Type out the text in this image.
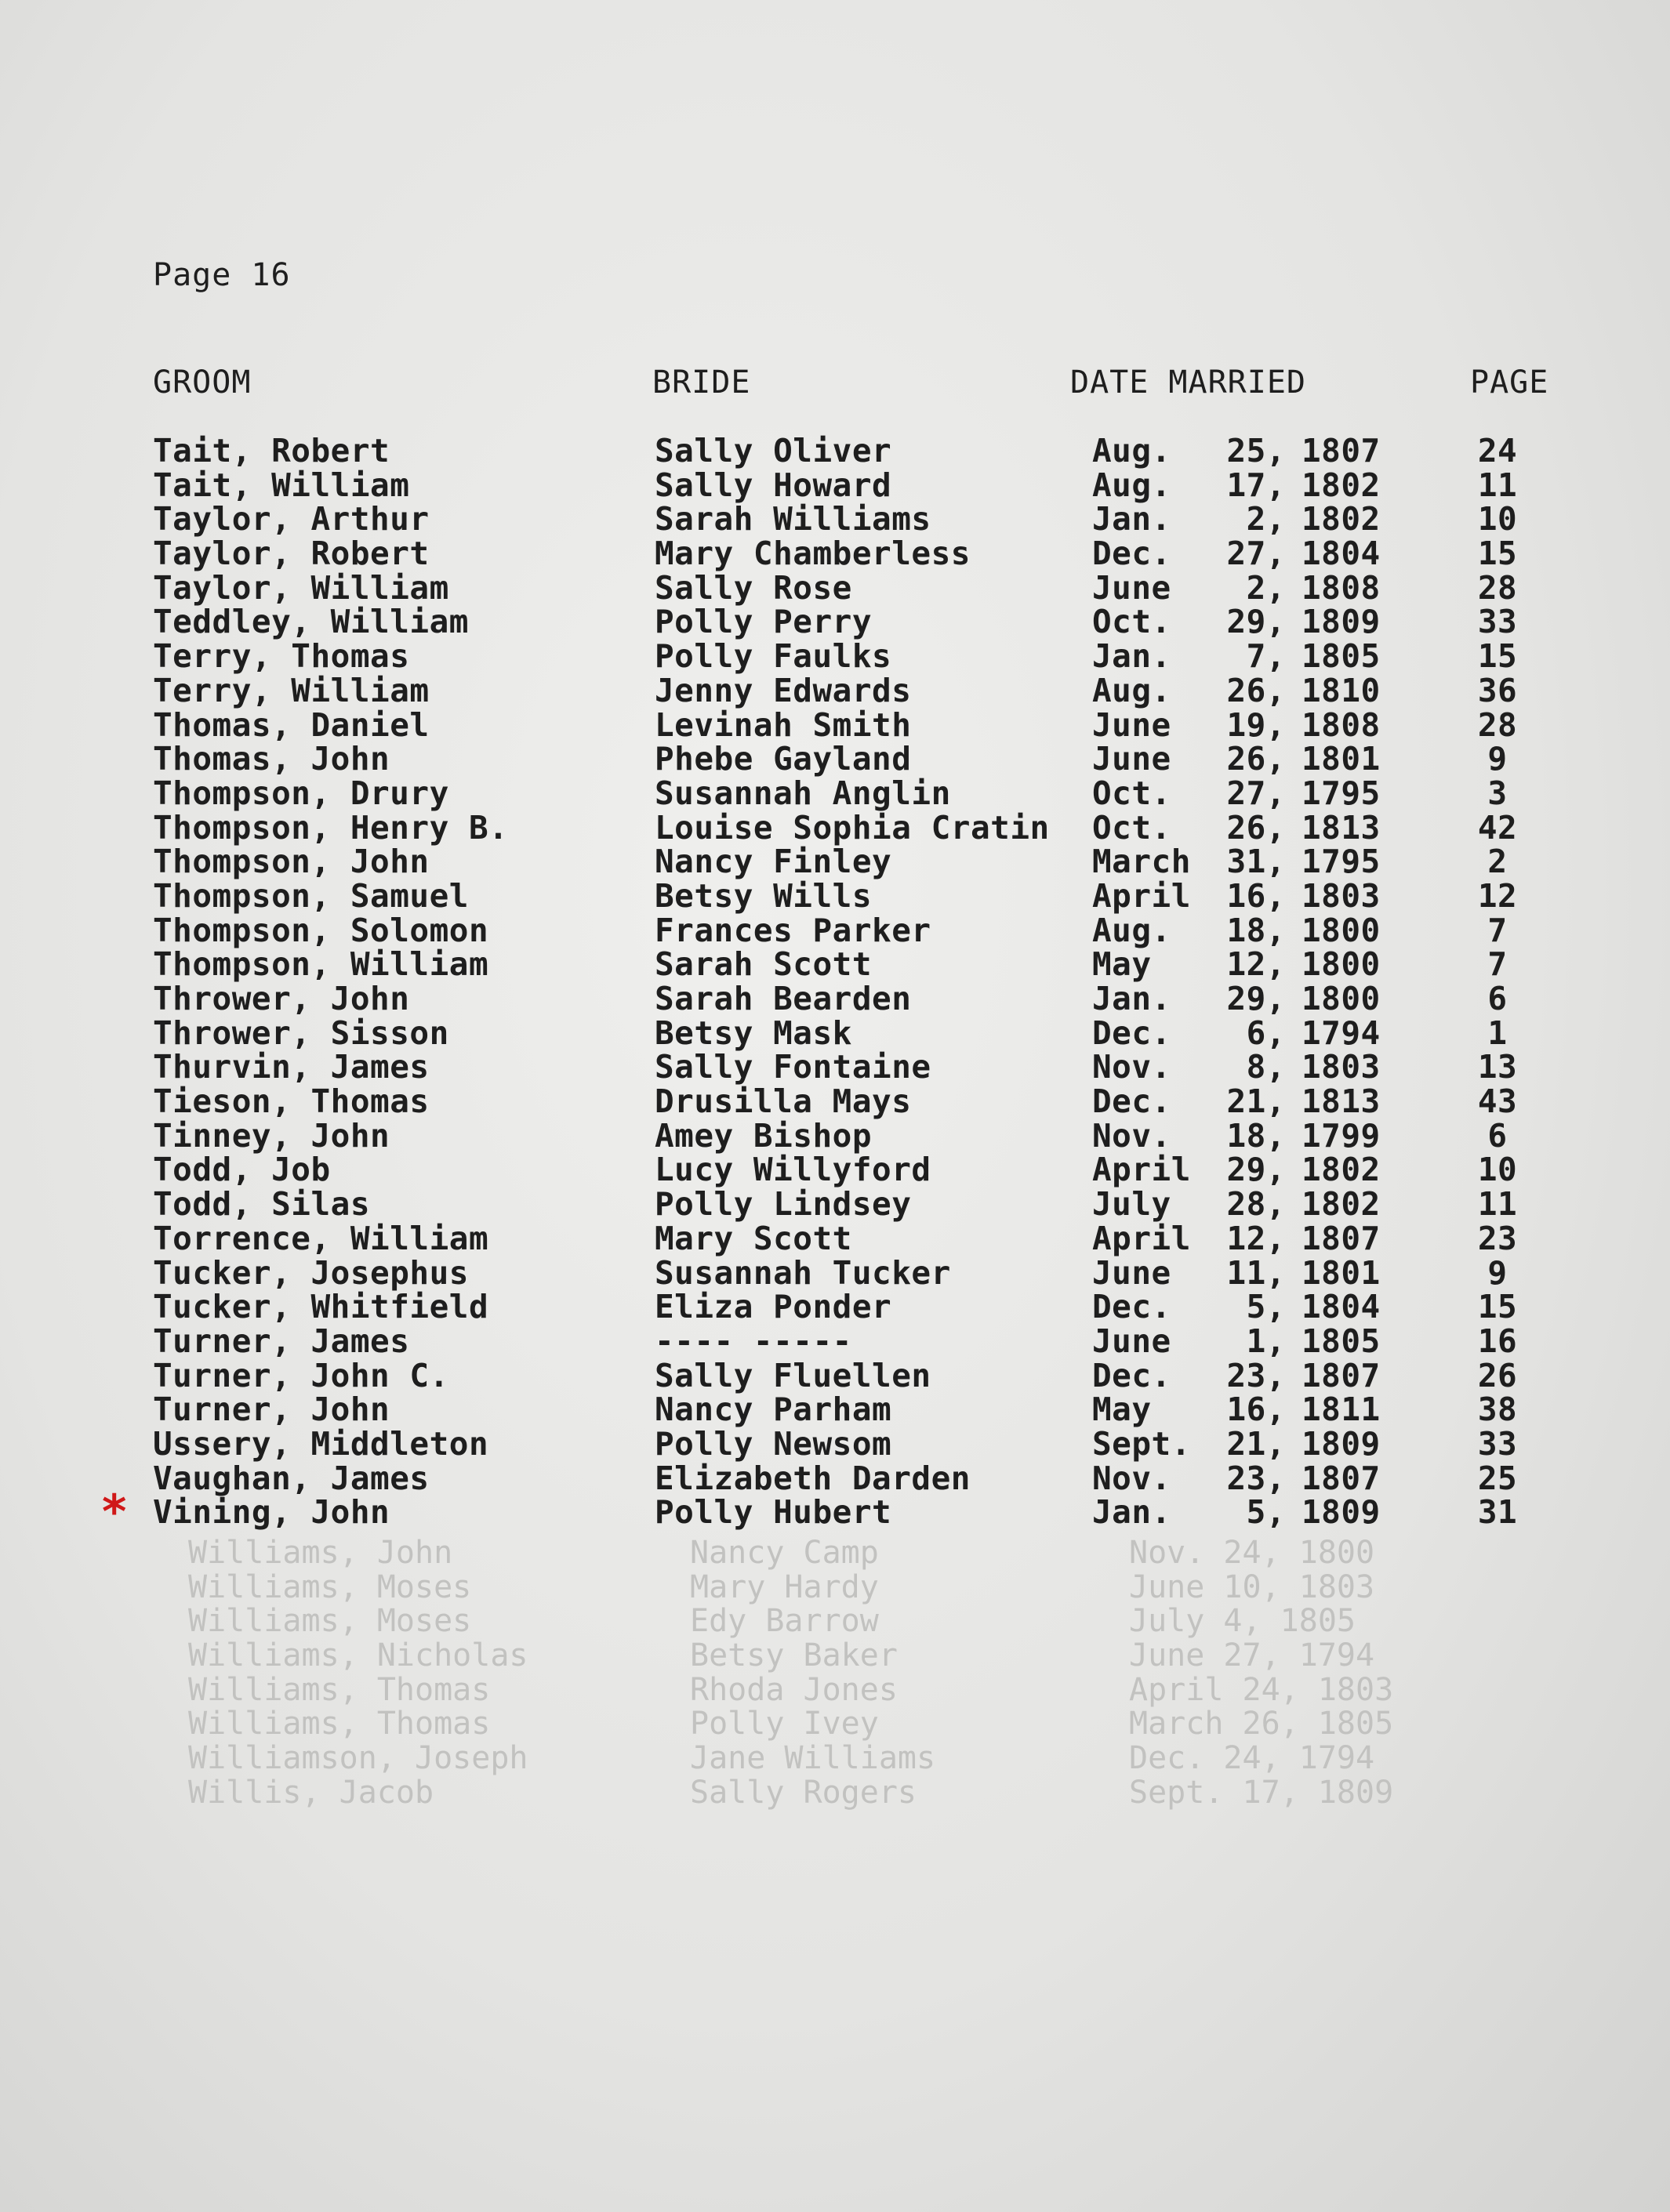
Page 16
GROOM	BRIDE	DATE MARRIED	PAGE
Tait, Robert	Sally Oliver	Aug.	25, 1807	24
Tait, William	Sally Howard	Aug.	17, 1802	11
Taylor, Arthur	Sarah Williams	Jan.	2, 1802	10
Taylor, Robert	Mary Chamberless	Dec.	27, 1804	15
Taylor, William	Sally Rose	June	2, 1808	28
Teddley, William	Polly Perry	Oct.	29, 1809	33
Terry, Thomas	Polly Faulks	Jan.	7, 1805	15
Terry, William	Jenny Edwards	Aug.	26, 1810	36
Thomas, Daniel	Levinah Smith	June	19, 1808	28
Thomas, John	Phebe Gayland	June	26, 1801	9
Thompson, Drury	Susannah Anglin	Oct.	27, 1795	3
Thompson, Henry B.	Louise Sophia Cratin Oct.	26, 1813	42
Thompson, John	Nancy Finley	March	31, 1795	2
Thompson, Samuel	Betsy Wills	April	16, 1803	12
Thompson, Solomon	Frances Parker	Aug.	18, 1800	7
Thompson, William	Sarah Scott	May	12, 1800	7
Thrower, John	Sarah Bearden	Jan.	29, 1800	6
Thrower, Sisson	Betsy Mask	Dec.	6, 1794	1
Thurvin, James	Sally Fontaine	Nov.	8, 1803	13
Tieson, Thomas	Drusilla Mays	Dec.	21, 1813	43
Tinney, John	Amey Bishop	Nov.	18, 1799	6
Todd, Job	Lucy Willyford	April	29, 1802	10
Todd, Silas	Polly Lindsey	July	28, 1802	11
Torrence, William	Mary Scott	April	12, 1807	23
Tucker, Josephus	Susannah Tucker	June	11, 1801	9
Tucker, Whitfield	Eliza Ponder	Dec.	5, 1804	15
Turner, James	---- -----	June	1, 1805	16
Turner, John C.	Sally Fluellen	Dec.	23, 1807	26
Turner, John	Nancy Parham	May	16, 1811	38
Ussery, Middleton	Polly Newsom	Sept.	21, 1809	33
Vaughan, James	Elizabeth Darden	Nov.	23, 1807	25
Vining, John	Polly Hubert	Jan.	5, 1809	31
*
Williams, John	Nancy Camp	Nov. 24, 1800
Williams, Moses	Mary Hardy	June 10, 1803
Williams, Moses	Edy Barrow	July 4, 1805
Williams, Nicholas	Betsy Baker	June 27, 1794
Williams, Thomas	Rhoda Jones	April 24, 1803
Williams, Thomas	Polly Ivey	March 26, 1805
Williamson, Joseph	Jane Williams	Dec. 24, 1794
Willis, Jacob	Sally Rogers	Sept. 17, 1809
